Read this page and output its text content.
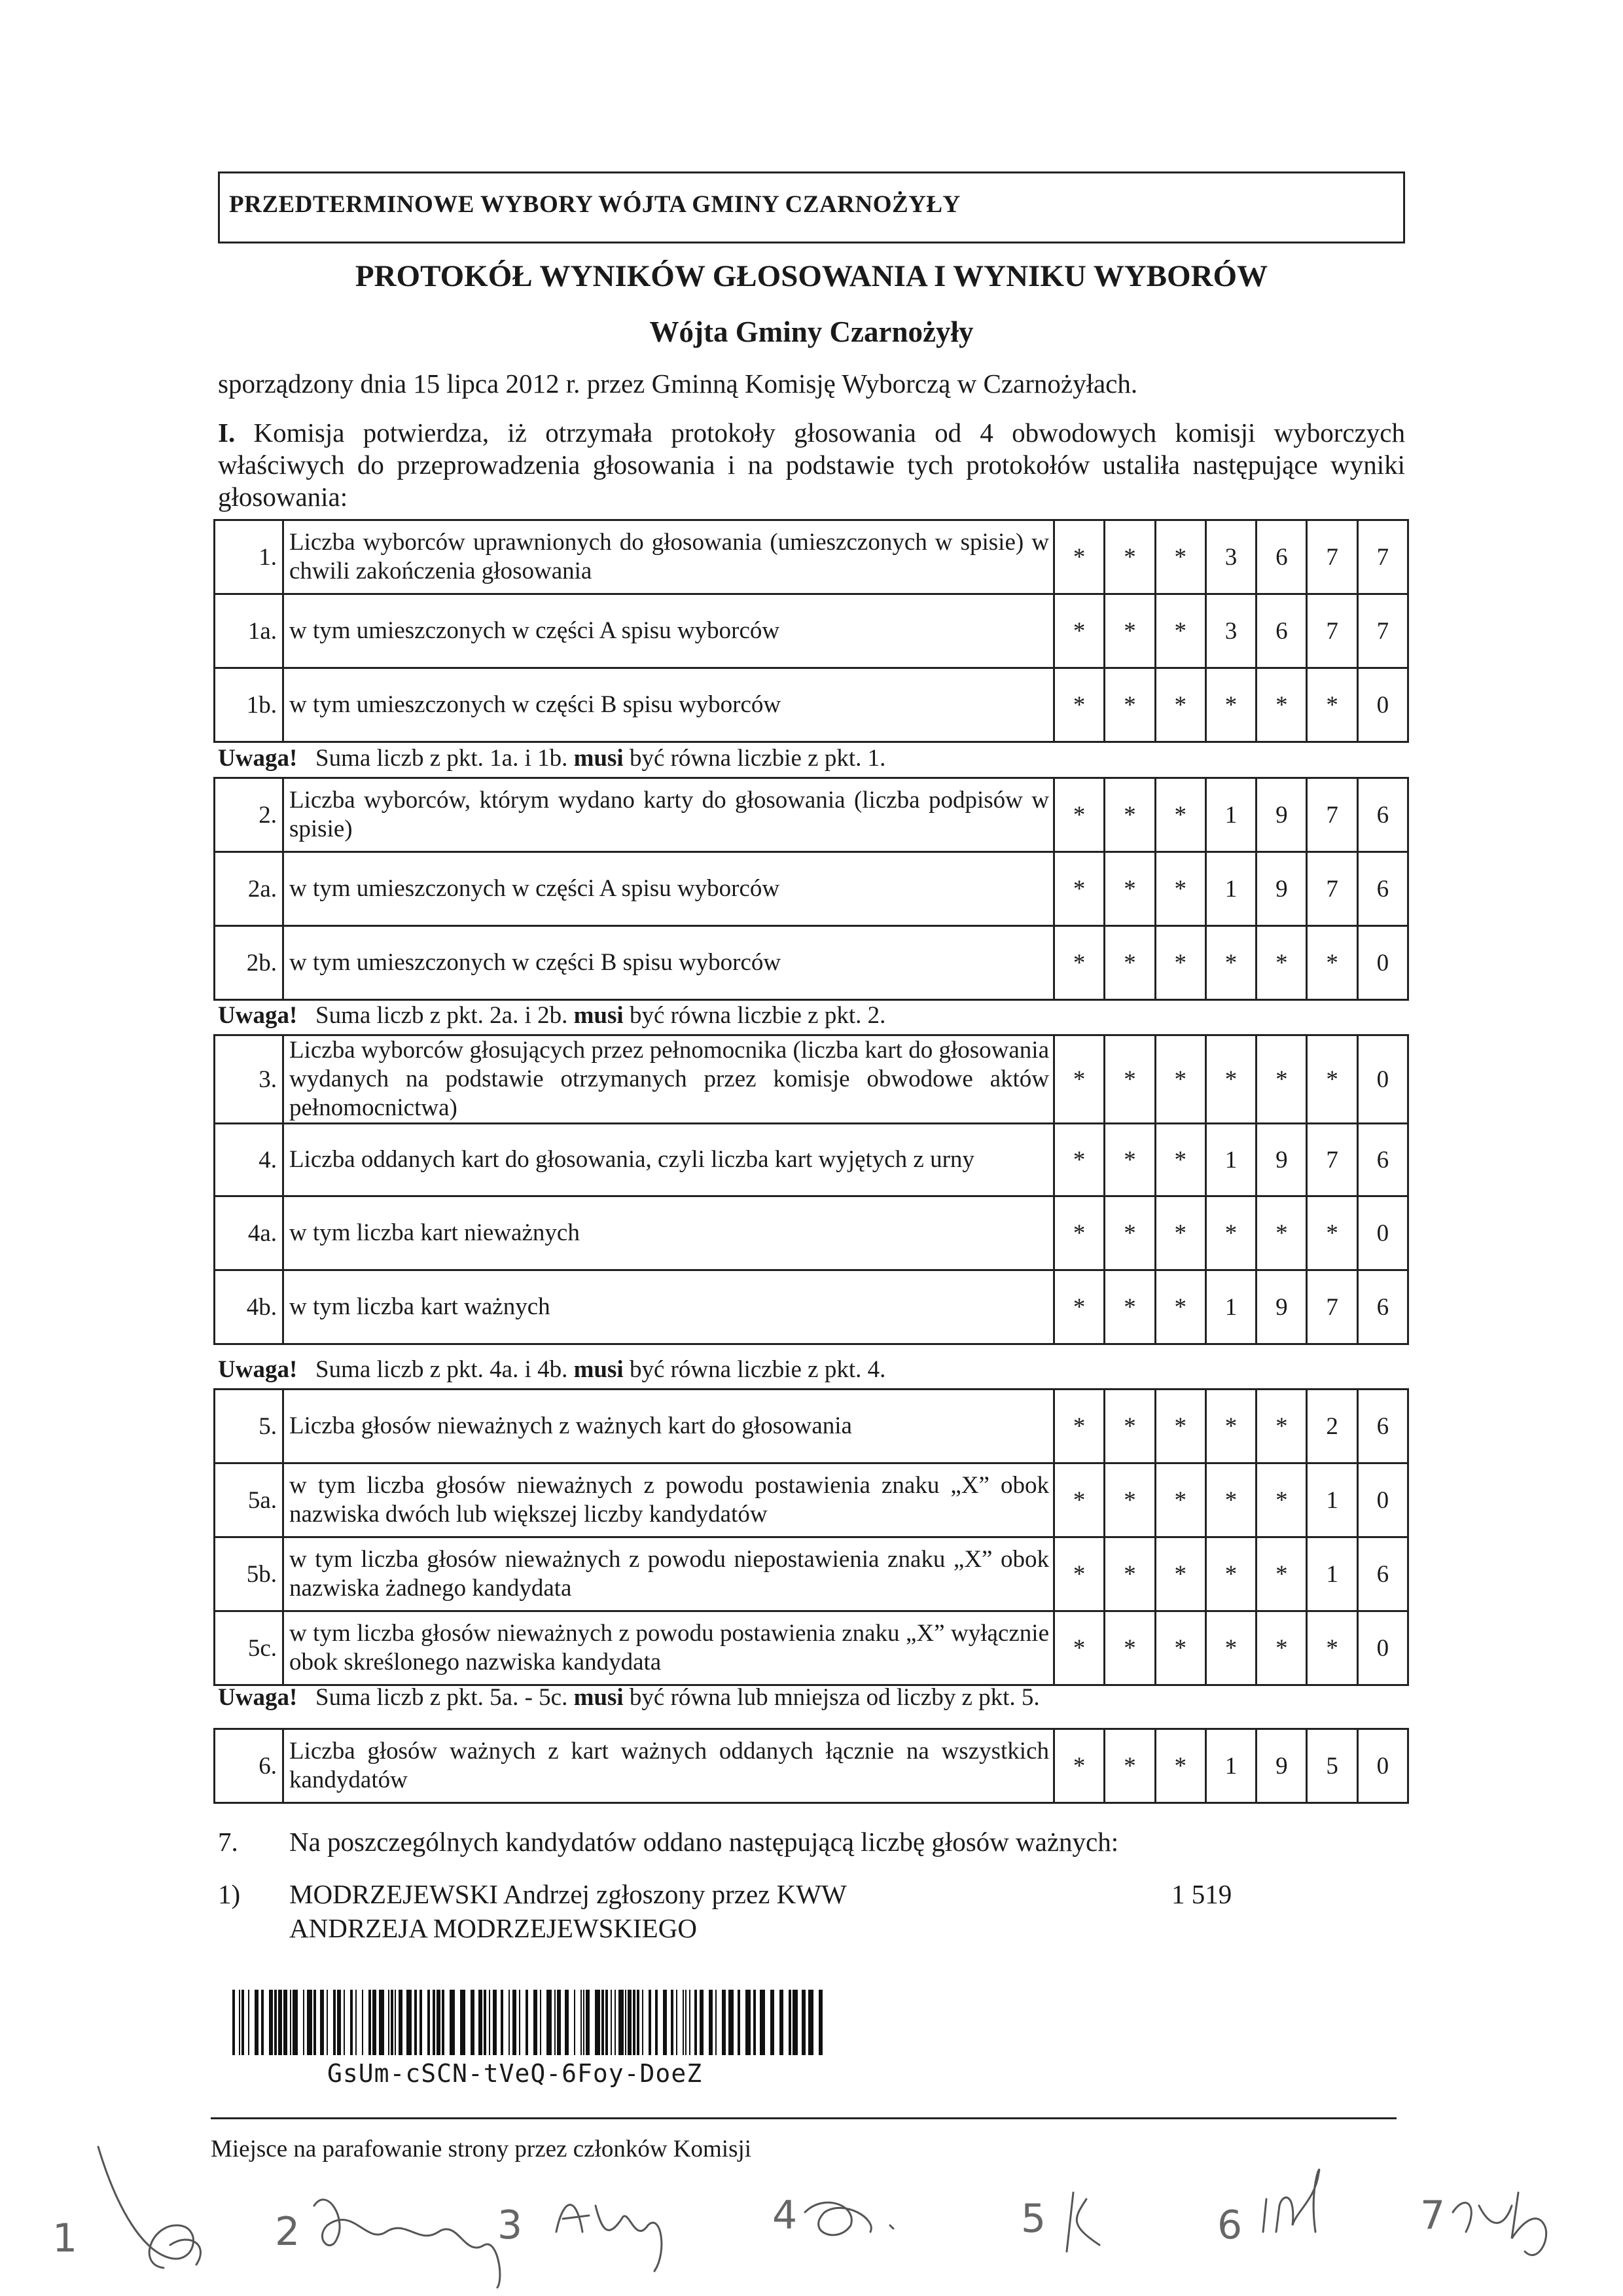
PRZEDTERMINOWE WYBORY WÓJTA GMINY CZARNOŻYŁY
PROTOKÓŁ WYNIKÓW GŁOSOWANIA I WYNIKU WYBORÓW
Wójta Gminy Czarnożyły
sporządzony dnia 15 lipca 2012 r. przez Gminną Komisję Wyborczą w Czarnożyłach.
I. Komisja potwierdza, iż otrzymała protokoły głosowania od 4 obwodowych komisji wyborczych właściwych do przeprowadzenia głosowania i na podstawie tych protokołów ustaliła następujące wyniki głosowania:
1.	Liczba wyborców uprawnionych do głosowania (umieszczonych w spisie) w chwili zakończenia głosowania	*	*	*	3	6	7	7
1a.	w tym umieszczonych w części A spisu wyborców	*	*	*	3	6	7	7
1b.	w tym umieszczonych w części B spisu wyborców	*	*	*	*	*	*	0
Uwaga! Suma liczb z pkt. 1a. i 1b. musi być równa liczbie z pkt. 1.
2.	Liczba wyborców, którym wydano karty do głosowania (liczba podpisów w spisie)	*	*	*	1	9	7	6
2a.	w tym umieszczonych w części A spisu wyborców	*	*	*	1	9	7	6
2b.	w tym umieszczonych w części B spisu wyborców	*	*	*	*	*	*	0
Uwaga! Suma liczb z pkt. 2a. i 2b. musi być równa liczbie z pkt. 2.
3.	Liczba wyborców głosujących przez pełnomocnika (liczba kart do głosowania wydanych na podstawie otrzymanych przez komisje obwodowe aktów pełnomocnictwa)	*	*	*	*	*	*	0
4.	Liczba oddanych kart do głosowania, czyli liczba kart wyjętych z urny	*	*	*	1	9	7	6
4a.	w tym liczba kart nieważnych	*	*	*	*	*	*	0
4b.	w tym liczba kart ważnych	*	*	*	1	9	7	6
Uwaga! Suma liczb z pkt. 4a. i 4b. musi być równa liczbie z pkt. 4.
5.	Liczba głosów nieważnych z ważnych kart do głosowania	*	*	*	*	*	2	6
5a.	w tym liczba głosów nieważnych z powodu postawienia znaku „X” obok nazwiska dwóch lub większej liczby kandydatów	*	*	*	*	*	1	0
5b.	w tym liczba głosów nieważnych z powodu niepostawienia znaku „X” obok nazwiska żadnego kandydata	*	*	*	*	*	1	6
5c.	w tym liczba głosów nieważnych z powodu postawienia znaku „X” wyłącznie obok skreślonego nazwiska kandydata	*	*	*	*	*	*	0
Uwaga! Suma liczb z pkt. 5a. - 5c. musi być równa lub mniejsza od liczby z pkt. 5.
6.	Liczba głosów ważnych z kart ważnych oddanych łącznie na wszystkich kandydatów	*	*	*	1	9	5	0
7. Na poszczególnych kandydatów oddano następującą liczbę głosów ważnych:
1) MODRZEJEWSKI Andrzej zgłoszony przez KWW
ANDRZEJA MODRZEJEWSKIEGO
1 519
GsUm-cSCN-tVeQ-6Foy-DoeZ
Miejsce na parafowanie strony przez członków Komisji
1	2	3	4	5	6	7
